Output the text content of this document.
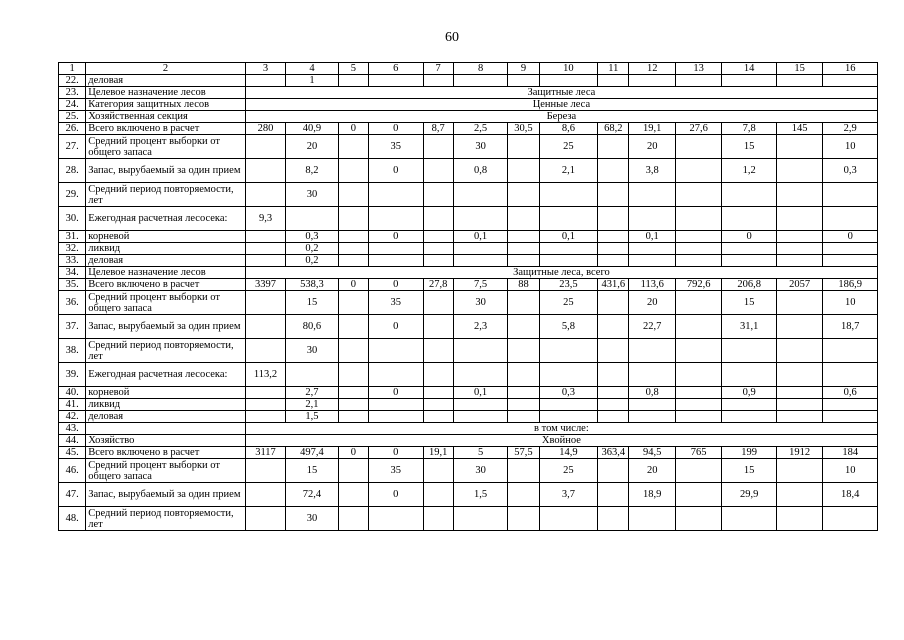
60
1	2	3	4	5	6	7	8	9	10	11	12	13	14	15	16
22.	деловая		1												
23.	Целевое назначение лесов	Защитные леса													
24.	Категория защитных лесов	Ценные леса													
25.	Хозяйственная секция	Береза													
26.	Всего включено в расчет	280	40,9	0	0	8,7	2,5	30,5	8,6	68,2	19,1	27,6	7,8	145	2,9
27.	Средний процент выборки от общего запаса		20		35		30		25		20		15		10
28.	Запас, вырубаемый за один прием		8,2		0		0,8		2,1		3,8		1,2		0,3
29.	Средний период повторяемости, лет		30												
30.	Ежегодная расчетная лесосека:	9,3													
31.	корневой		0,3		0		0,1		0,1		0,1		0		0
32.	ликвид		0,2												
33.	деловая		0,2												
34.	Целевое назначение лесов	Защитные леса, всего													
35.	Всего включено в расчет	3397	538,3	0	0	27,8	7,5	88	23,5	431,6	113,6	792,6	206,8	2057	186,9
36.	Средний процент выборки от общего запаса		15		35		30		25		20		15		10
37.	Запас, вырубаемый за один прием		80,6		0		2,3		5,8		22,7		31,1		18,7
38.	Средний период повторяемости, лет		30												
39.	Ежегодная расчетная лесосека:	113,2													
40.	корневой		2,7		0		0,1		0,3		0,8		0,9		0,6
41.	ликвид		2,1												
42.	деловая		1,5												
43.		в том числе:													
44.	Хозяйство	Хвойное													
45.	Всего включено в расчет	3117	497,4	0	0	19,1	5	57,5	14,9	363,4	94,5	765	199	1912	184
46.	Средний процент выборки от общего запаса		15		35		30		25		20		15		10
47.	Запас, вырубаемый за один прием		72,4		0		1,5		3,7		18,9		29,9		18,4
48.	Средний период повторяемости, лет		30												
